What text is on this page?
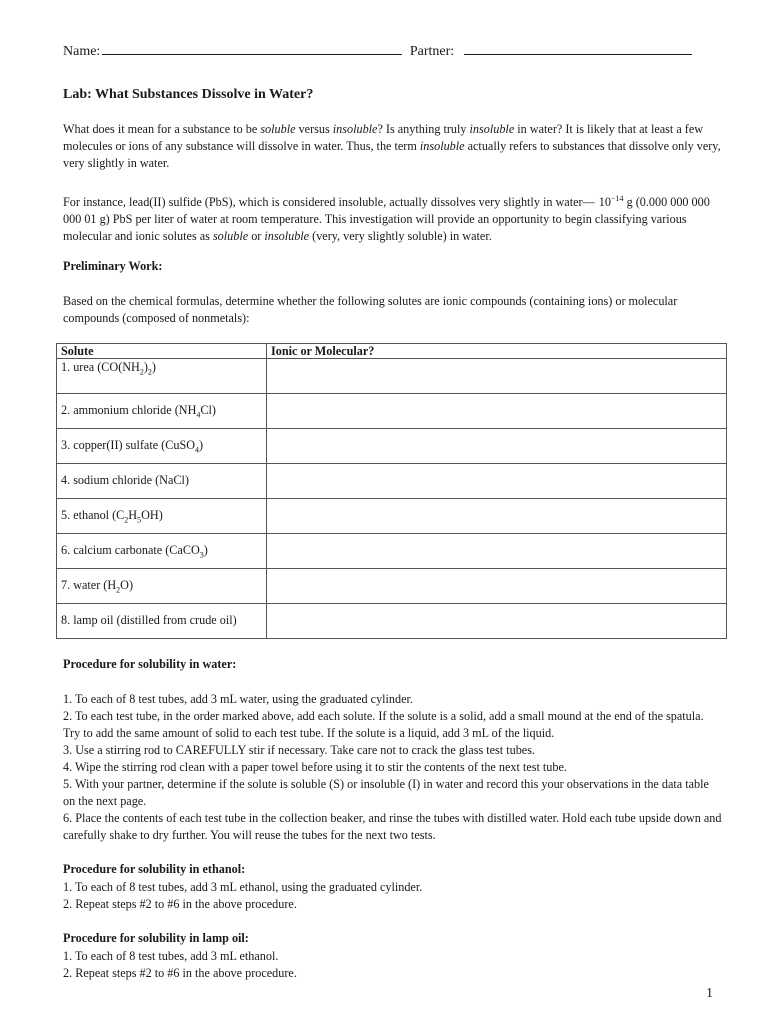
Name:	Partner:
Lab: What Substances Dissolve in Water?

What does it mean for a substance to be soluble versus insoluble? Is anything truly insoluble in water? It is likely that at least a few molecules or ions of any substance will dissolve in water. Thus, the term insoluble actually refers to substances that dissolve only very, very slightly in water.

For instance, lead(II) sulfide (PbS), which is considered insoluble, actually dissolves very slightly in water— $10^{-14}$ g (0.000 000 000 000 01 g) PbS per liter of water at room temperature. This investigation will provide an opportunity to begin classifying various molecular and ionic solutes as soluble or insoluble (very, very slightly soluble) in water.

Preliminary Work:

Based on the chemical formulas, determine whether the following solutes are ionic compounds (containing ions) or molecular compounds (composed of nonmetals):

Solute	Ionic or Molecular?
1. urea $(CO(NH_2)_2)$	
2. ammonium chloride $(NH_4Cl)$	
3. copper(II) sulfate (CuSO$_4$)	
4. sodium chloride (NaCl)	
5. ethanol $(C_2H_5OH)$	
6. calcium carbonate (CaCO$_3$)	
7. water $(H_2O)$	
8. lamp oil (distilled from crude oil)	
Procedure for solubility in water:
1. To each of 8 test tubes, add 3 mL water, using the graduated cylinder.
2. To each test tube, in the order marked above, add each solute. If the solute is a solid, add a small mound at the end of the spatula. Try to add the same amount of solid to each test tube. If the solute is a liquid, add 3 mL of the liquid.
3. Use a stirring rod to CAREFULLY stir if necessary. Take care not to crack the glass test tubes.
4. Wipe the stirring rod clean with a paper towel before using it to stir the contents of the next test tube.
5. With your partner, determine if the solute is soluble (S) or insoluble (I) in water and record this your observations in the data table on the next page.
6. Place the contents of each test tube in the collection beaker, and rinse the tubes with distilled water. Hold each tube upside down and carefully shake to dry further. You will reuse the tubes for the next two tests.
Procedure for solubility in ethanol:
1. To each of 8 test tubes, add 3 mL ethanol, using the graduated cylinder.
2. Repeat steps #2 to #6 in the above procedure.
Procedure for solubility in lamp oil:
1. To each of 8 test tubes, add 3 mL ethanol.
2. Repeat steps #2 to #6 in the above procedure.
1
